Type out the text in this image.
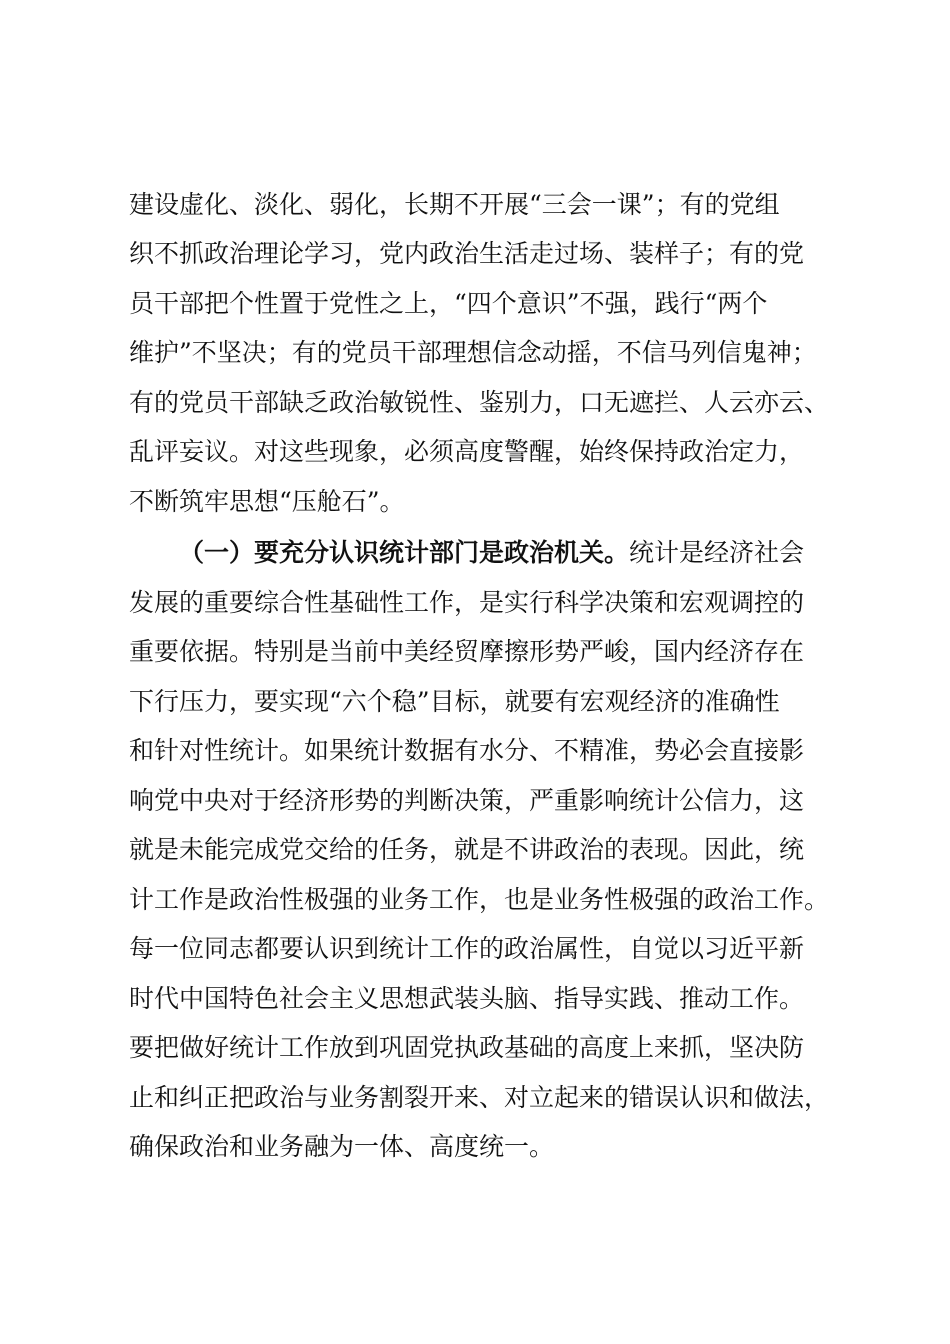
建设虚化、淡化、弱化，长期不开展“三会一课”；有的党组
织不抓政治理论学习，党内政治生活走过场、装样子；有的党
员干部把个性置于党性之上，“四个意识”不强，践行“两个
维护”不坚决；有的党员干部理想信念动摇，不信马列信鬼神；
有的党员干部缺乏政治敏锐性、鉴别力，口无遮拦、人云亦云、
乱评妄议。对这些现象，必须高度警醒，始终保持政治定力，
不断筑牢思想“压舱石”。
（一）要充分认识统计部门是政治机关。统计是经济社会
发展的重要综合性基础性工作，是实行科学决策和宏观调控的
重要依据。特别是当前中美经贸摩擦形势严峻，国内经济存在
下行压力，要实现“六个稳”目标，就要有宏观经济的准确性
和针对性统计。如果统计数据有水分、不精准，势必会直接影
响党中央对于经济形势的判断决策，严重影响统计公信力，这
就是未能完成党交给的任务，就是不讲政治的表现。因此，统
计工作是政治性极强的业务工作，也是业务性极强的政治工作。
每一位同志都要认识到统计工作的政治属性，自觉以习近平新
时代中国特色社会主义思想武装头脑、指导实践、推动工作。
要把做好统计工作放到巩固党执政基础的高度上来抓，坚决防
止和纠正把政治与业务割裂开来、对立起来的错误认识和做法，
确保政治和业务融为一体、高度统一。
